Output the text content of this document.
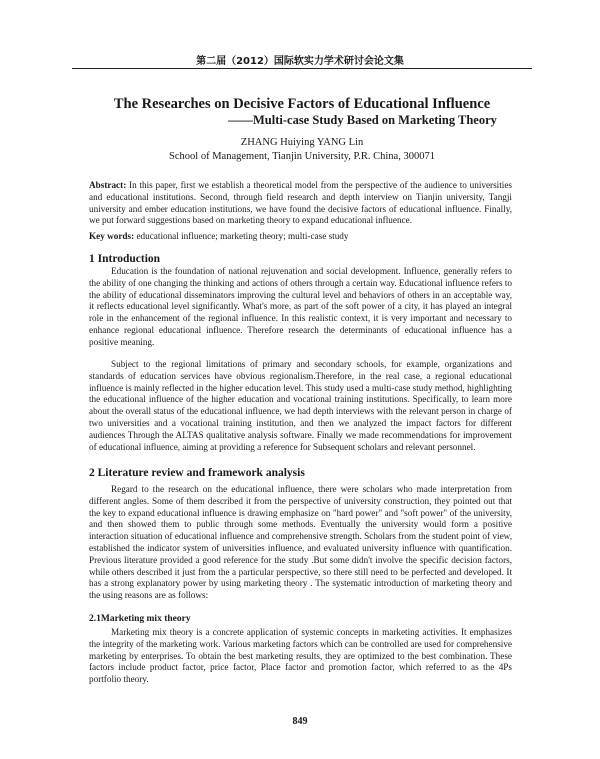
第二届（2012）国际软实力学术研讨会论文集
The Researches on Decisive Factors of Educational Influence
——Multi-case Study Based on Marketing Theory

ZHANG Huiying YANG Lin

School of Management, Tianjin University, P.R. China, 300071

Abstract: In this paper, first we establish a theoretical model from the perspective of the audience to universities and educational institutions. Second, through field research and depth interview on Tianjin university, Tangji university and ember education institutions, we have found the decisive factors of educational influence. Finally, we put forward suggestions based on marketing theory to expand educational influence.

Key words: educational influence; marketing theory; multi-case study

1 Introduction

Education is the foundation of national rejuvenation and social development. Influence, generally refers to the ability of one changing the thinking and actions of others through a certain way. Educational influence refers to the ability of educational disseminators improving the cultural level and behaviors of others in an acceptable way, it reflects educational level significantly. What's more, as part of the soft power of a city, it has played an integral role in the enhancement of the regional influence. In this realistic context, it is very important and necessary to enhance regional educational influence. Therefore research the determinants of educational influence has a positive meaning.

Subject to the regional limitations of primary and secondary schools, for example, organizations and standards of education services have obvious regionalism.Therefore, in the real case, a regional educational influence is mainly reflected in the higher education level. This study used a multi-case study method, highlighting the educational influence of the higher education and vocational training institutions. Specifically, to learn more about the overall status of the educational influence, we had depth interviews with the relevant person in charge of two universities and a vocational training institution, and then we analyzed the impact factors for different audiences Through the ALTAS qualitative analysis software. Finally we made recommendations for improvement of educational influence, aiming at providing a reference for Subsequent scholars and relevant personnel.

2 Literature review and framework analysis

Regard to the research on the educational influence, there were scholars who made interpretation from different angles. Some of them described it from the perspective of university construction, they pointed out that the key to expand educational influence is drawing emphasize on "hard power" and "soft power" of the university, and then showed them to public through some methods. Eventually the university would form a positive interaction situation of educational influence and comprehensive strength. Scholars from the student point of view, established the indicator system of universities influence, and evaluated university influence with quantification. Previous literature provided a good reference for the study .But some didn't involve the specific decision factors, while others described it just from the a particular perspective, so there still need to be perfected and developed. It has a strong explanatory power by using marketing theory . The systematic introduction of marketing theory and the using reasons are as follows:

2.1Marketing mix theory

Marketing mix theory is a concrete application of systemic concepts in marketing activities. It emphasizes the integrity of the marketing work. Various marketing factors which can be controlled are used for comprehensive marketing by enterprises. To obtain the best marketing results, they are optimized to the best combination. These factors include product factor, price factor, Place factor and promotion factor, which referred to as the 4Ps portfolio theory.

849
